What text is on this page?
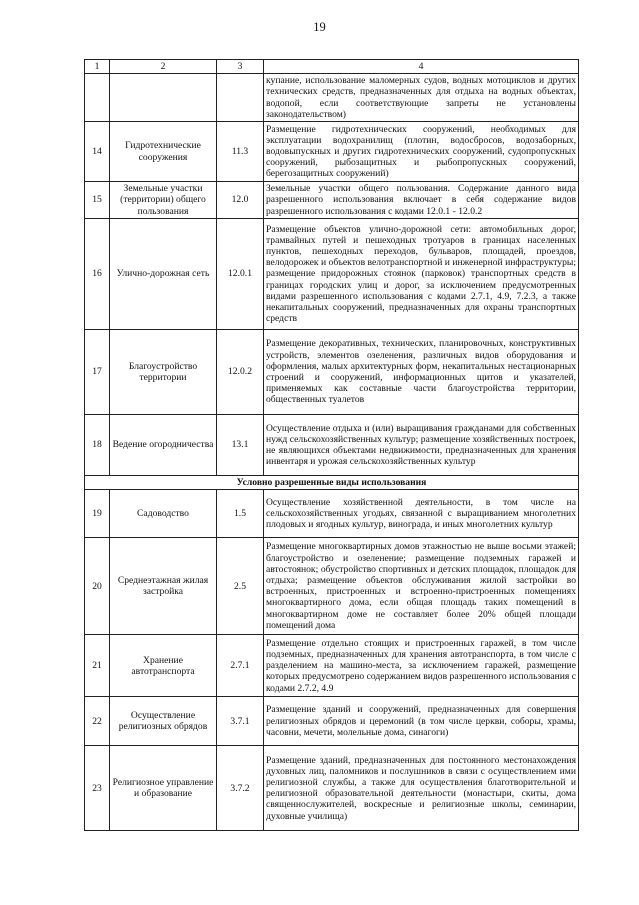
19
1	2	3	4
			купание, использование маломерных судов, водных мотоциклов и других технических средств, предназначенных для отдыха на водных объектах, водопой, если соответствующие запреты не установлены законодательством)
14	Гидротехнические сооружения	11.3	Размещение гидротехнических сооружений, необходимых для эксплуатации водохранилищ (плотин, водосбросов, водозаборных, водовыпускных и других гидротехнических сооружений, судопропускных сооружений, рыбозащитных и рыбопропускных сооружений, берегозащитных сооружений)
15	Земельные участки (территории) общего пользования	12.0	Земельные участки общего пользования. Содержание данного вида разрешенного использования включает в себя содержание видов разрешенного использования с кодами 12.0.1 - 12.0.2
16	Улично-дорожная сеть	12.0.1	Размещение объектов улично-дорожной сети: автомобильных дорог, трамвайных путей и пешеходных тротуаров в границах населенных пунктов, пешеходных переходов, бульваров, площадей, проездов, велодорожек и объектов велотранспортной и инженерной инфраструктуры; размещение придорожных стоянок (парковок) транспортных средств в границах городских улиц и дорог, за исключением предусмотренных видами разрешенного использования с кодами 2.7.1, 4.9, 7.2.3, а также некапитальных сооружений, предназначенных для охраны транспортных средств
17	Благоустройство территории	12.0.2	Размещение декоративных, технических, планировочных, конструктивных устройств, элементов озеленения, различных видов оборудования и оформления, малых архитектурных форм, некапитальных нестационарных строений и сооружений, информационных щитов и указателей, применяемых как составные части благоустройства территории, общественных туалетов
18	Ведение огородничества	13.1	Осуществление отдыха и (или) выращивания гражданами для собственных нужд сельскохозяйственных культур; размещение хозяйственных построек, не являющихся объектами недвижимости, предназначенных для хранения инвентаря и урожая сельскохозяйственных культур
Условно разрешенные виды использования			
19	Садоводство	1.5	Осуществление хозяйственной деятельности, в том числе на сельскохозяйственных угодьях, связанной с выращиванием многолетних плодовых и ягодных культур, винограда, и иных многолетних культур
20	Среднеэтажная жилая застройка	2.5	Размещение многоквартирных домов этажностью не выше восьми этажей; благоустройство и озеленение; размещение подземных гаражей и автостоянок; обустройство спортивных и детских площадок, площадок для отдыха; размещение объектов обслуживания жилой застройки во встроенных, пристроенных и встроенно-пристроенных помещениях многоквартирного дома, если общая площадь таких помещений в многоквартирном доме не составляет более 20% общей площади помещений дома
21	Хранение автотранспорта	2.7.1	Размещение отдельно стоящих и пристроенных гаражей, в том числе подземных, предназначенных для хранения автотранспорта, в том числе с разделением на машино-места, за исключением гаражей, размещение которых предусмотрено содержанием видов разрешенного использования с кодами 2.7.2, 4.9
22	Осуществление религиозных обрядов	3.7.1	Размещение зданий и сооружений, предназначенных для совершения религиозных обрядов и церемоний (в том числе церкви, соборы, храмы, часовни, мечети, молельные дома, синагоги)
23	Религиозное управление и образование	3.7.2	Размещение зданий, предназначенных для постоянного местонахождения духовных лиц, паломников и послушников в связи с осуществлением ими религиозной службы, а также для осуществления благотворительной и религиозной образовательной деятельности (монастыри, скиты, дома священнослужителей, воскресные и религиозные школы, семинарии, духовные училища)
